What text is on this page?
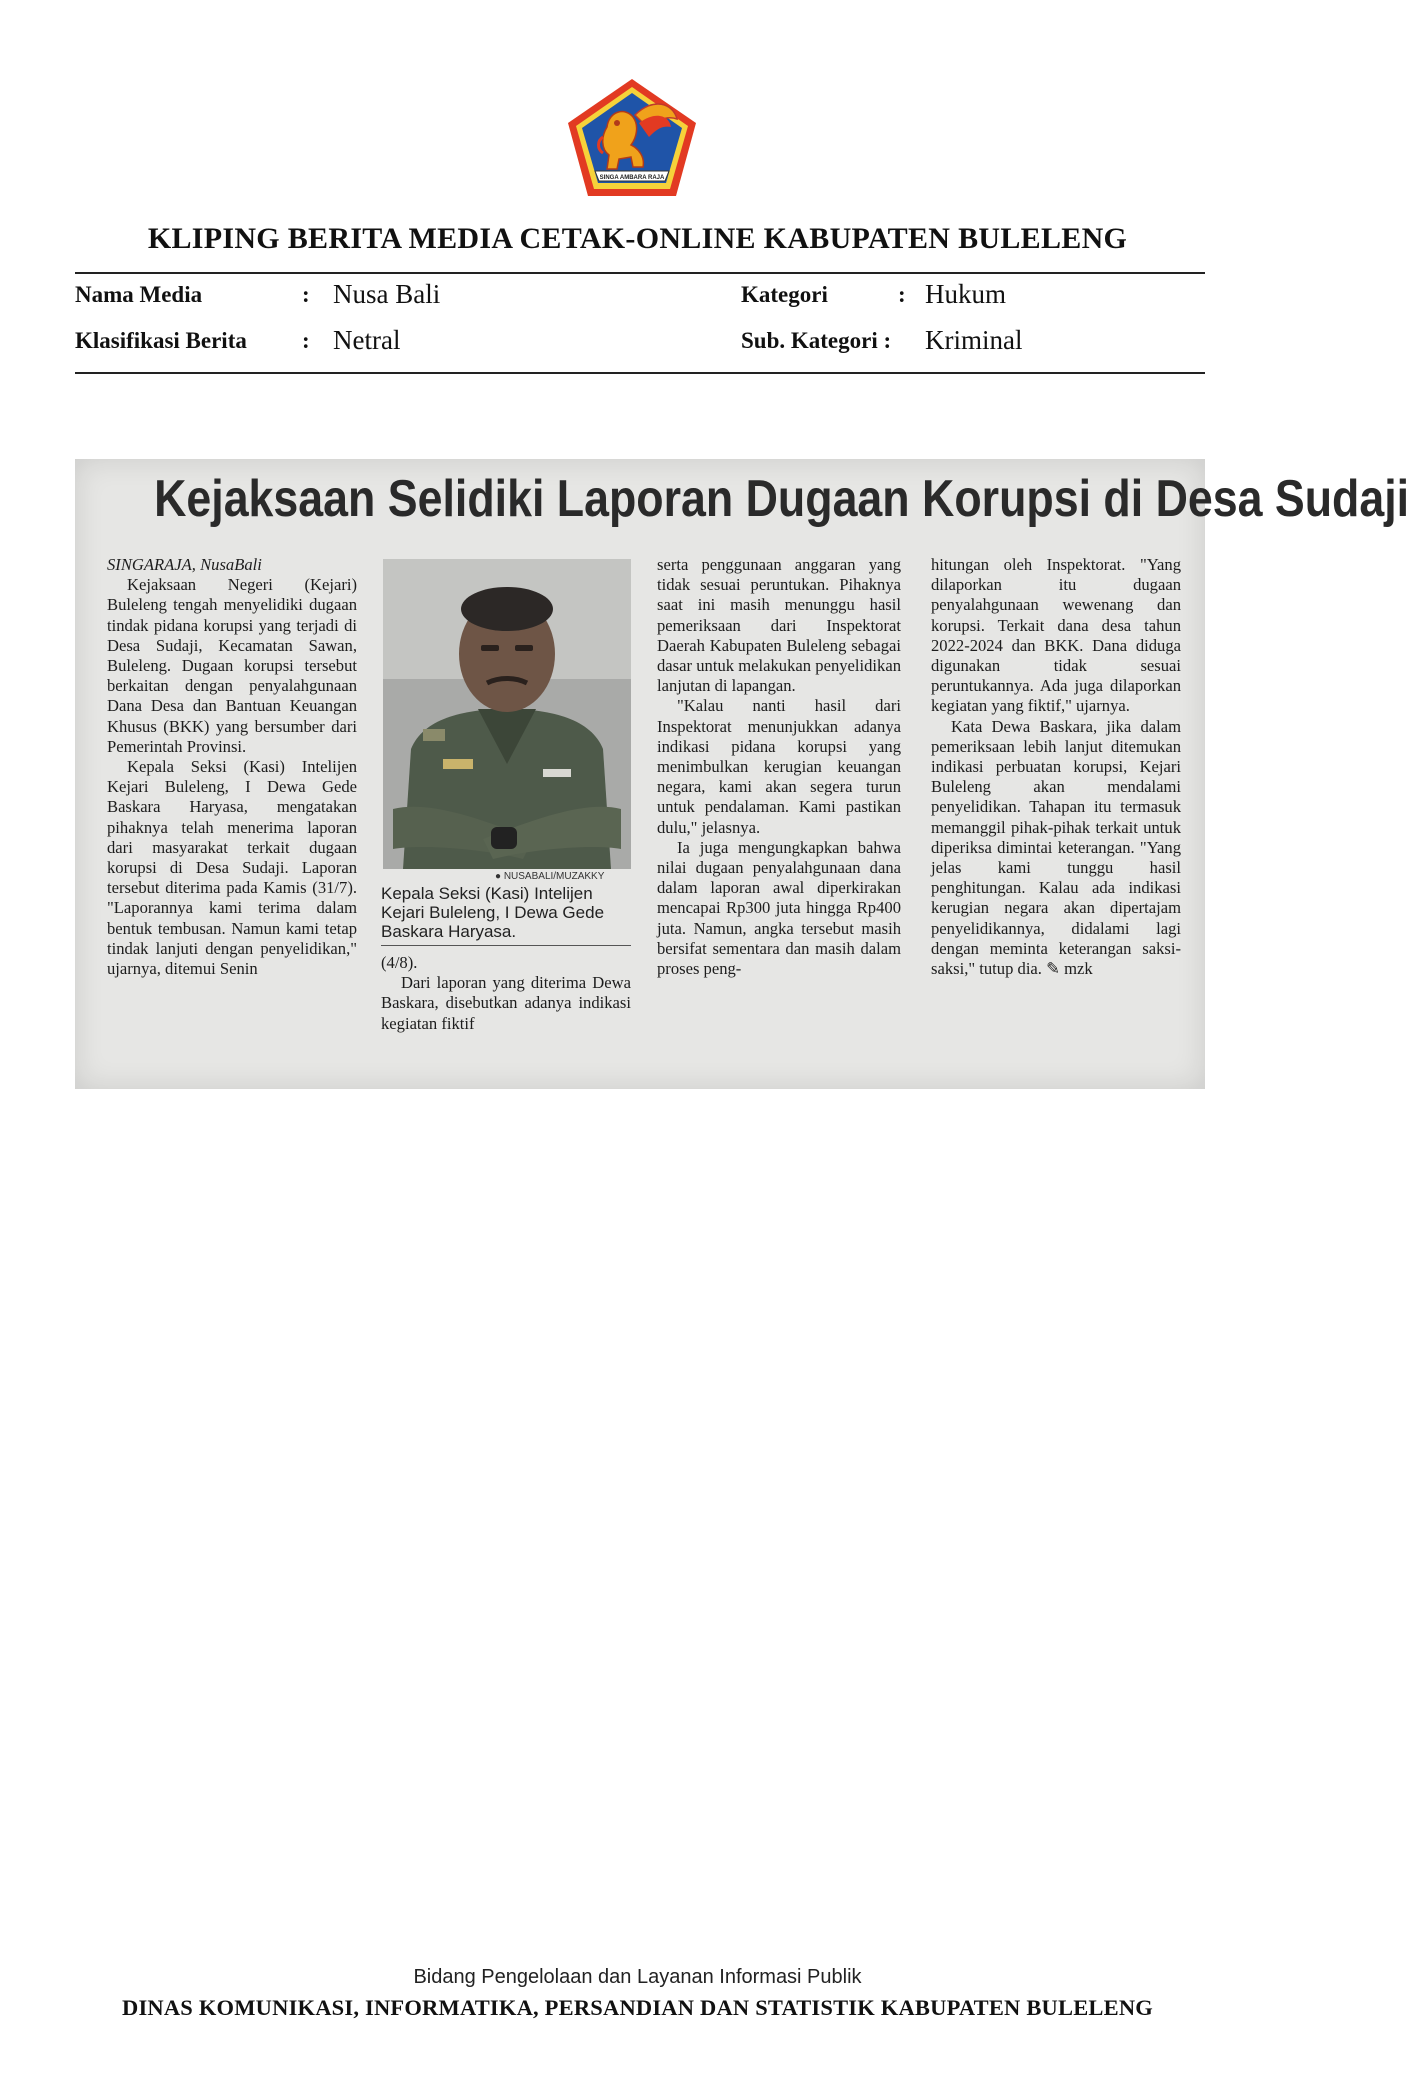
SINGA AMBARA RAJA
KLIPING BERITA MEDIA CETAK-ONLINE KABUPATEN BULELENG
Nama Media	: Nusa Bali
Klasifikasi Berita : Netral
Kategori	: Hukum
Sub. Kategori : Kriminal
Kejaksaan Selidiki Laporan Dugaan Korupsi di Desa Sudaji

SINGARAJA, NusaBali

Kejaksaan Negeri (Kejari) Buleleng tengah menyelidiki dugaan tindak pidana korupsi yang terjadi di Desa Sudaji, Kecamatan Sawan, Buleleng. Dugaan korupsi tersebut berkaitan dengan penyalahgunaan Dana Desa dan Bantuan Keuangan Khusus (BKK) yang bersumber dari Pemerintah Provinsi.

Kepala Seksi (Kasi) Intelijen Kejari Buleleng, I Dewa Gede Baskara Haryasa, mengatakan pihaknya telah menerima laporan dari masyarakat terkait dugaan korupsi di Desa Sudaji. Laporan tersebut diterima pada Kamis (31/7). "Laporannya kami terima dalam bentuk tembusan. Namun kami tetap tindak lanjuti dengan penyelidikan," ujarnya, ditemui Senin

● NUSABALI/MUZAKKY
Kepala Seksi (Kasi) Intelijen Kejari Buleleng, I Dewa Gede Baskara Haryasa.

(4/8).

Dari laporan yang diterima Dewa Baskara, disebutkan adanya indikasi kegiatan fiktif

serta penggunaan anggaran yang tidak sesuai peruntukan. Pihaknya saat ini masih menunggu hasil pemeriksaan dari Inspektorat Daerah Kabupaten Buleleng sebagai dasar untuk melakukan penyelidikan lanjutan di lapangan.

"Kalau nanti hasil dari Inspektorat menunjukkan adanya indikasi pidana korupsi yang menimbulkan kerugian keuangan negara, kami akan segera turun untuk pendalaman. Kami pastikan dulu," jelasnya.

Ia juga mengungkapkan bahwa nilai dugaan penyalahgunaan dana dalam laporan awal diperkirakan mencapai Rp300 juta hingga Rp400 juta. Namun, angka tersebut masih bersifat sementara dan masih dalam proses peng-

hitungan oleh Inspektorat. "Yang dilaporkan itu dugaan penyalahgunaan wewenang dan korupsi. Terkait dana desa tahun 2022-2024 dan BKK. Dana diduga digunakan tidak sesuai peruntukannya. Ada juga dilaporkan kegiatan yang fiktif," ujarnya.

Kata Dewa Baskara, jika dalam pemeriksaan lebih lanjut ditemukan indikasi perbuatan korupsi, Kejari Buleleng akan mendalami penyelidikan. Tahapan itu termasuk memanggil pihak-pihak terkait untuk diperiksa dimintai keterangan. "Yang jelas kami tunggu hasil penghitungan. Kalau ada indikasi kerugian negara akan dipertajam penyelidikannya, didalami lagi dengan meminta keterangan saksi-saksi," tutup dia. ✎ mzk

Bidang Pengelolaan dan Layanan Informasi Publik
DINAS KOMUNIKASI, INFORMATIKA, PERSANDIAN DAN STATISTIK KABUPATEN BULELENG
